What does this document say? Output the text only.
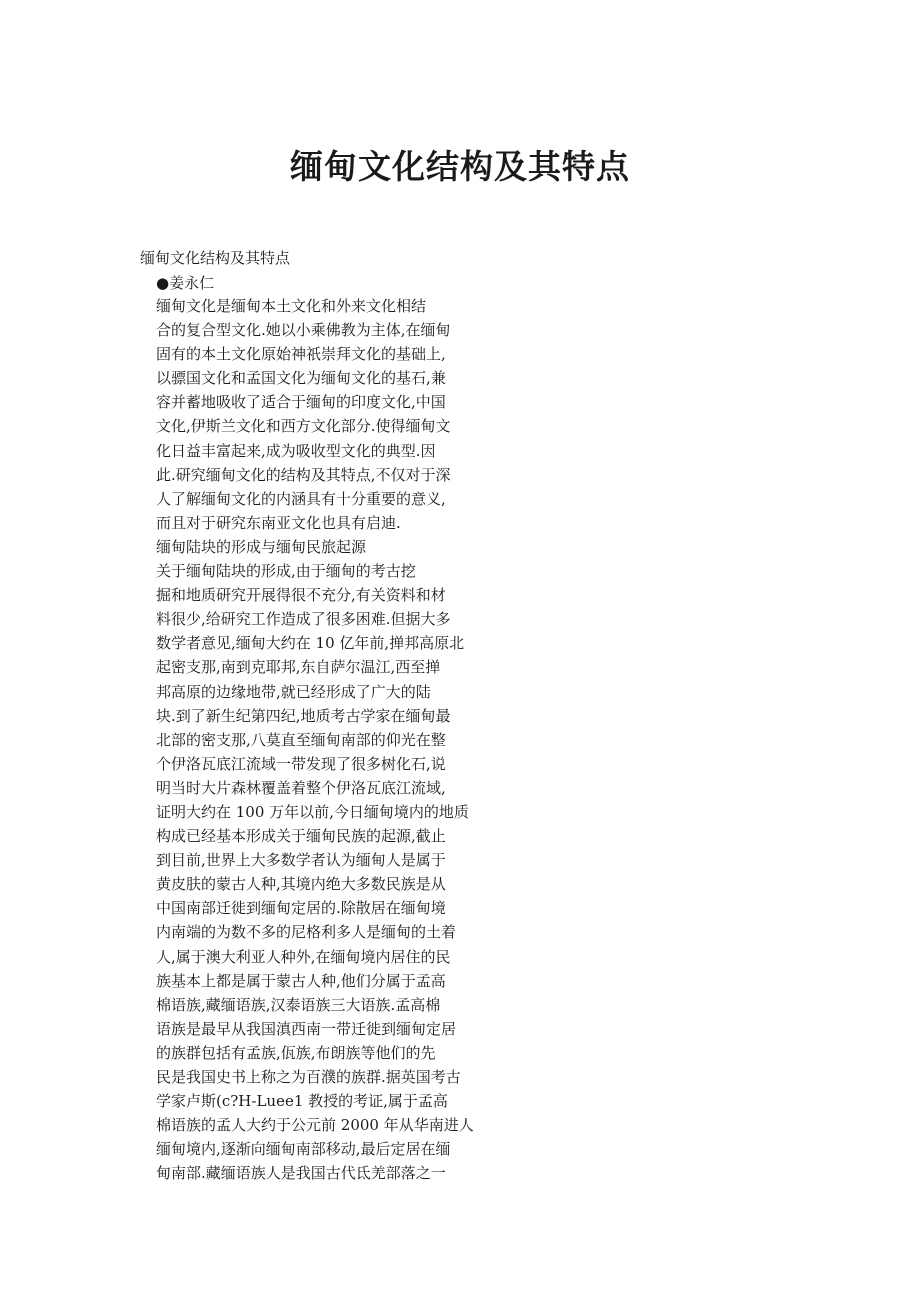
缅甸文化结构及其特点

缅甸文化结构及其特点

●姜永仁

缅甸文化是缅甸本土文化和外来文化相结
合的复合型文化.她以小乘佛教为主体,在缅甸
固有的本土文化原始神祇崇拜文化的基础上,
以骠国文化和孟国文化为缅甸文化的基石,兼
容并蓄地吸收了适合于缅甸的印度文化,中国
文化,伊斯兰文化和西方文化部分.使得缅甸文
化日益丰富起来,成为吸收型文化的典型.因
此.研究缅甸文化的结构及其特点,不仅对于深
人了解缅甸文化的内涵具有十分重要的意义,
而且对于研究东南亚文化也具有启迪.
缅甸陆块的形成与缅甸民旅起源
关于缅甸陆块的形成,由于缅甸的考古挖
掘和地质研究开展得很不充分,有关资料和材
料很少,给研究工作造成了很多困难.但据大多
数学者意见,缅甸大约在 10 亿年前,掸邦高原北
起密支那,南到克耶邦,东自萨尔温江,西至掸
邦高原的边缘地带,就已经形成了广大的陆
块.到了新生纪第四纪,地质考古学家在缅甸最
北部的密支那,八莫直至缅甸南部的仰光在整
个伊洛瓦底江流域一带发现了很多树化石,说
明当时大片森林覆盖着整个伊洛瓦底江流域,
证明大约在 100 万年以前,今日缅甸境内的地质
构成已经基本形成关于缅甸民族的起源,截止
到目前,世界上大多数学者认为缅甸人是属于
黄皮肤的蒙古人种,其境内绝大多数民族是从
中国南部迁徙到缅甸定居的.除散居在缅甸境
内南端的为数不多的尼格利多人是缅甸的土着
人,属于澳大利亚人种外,在缅甸境内居住的民
族基本上都是属于蒙古人种,他们分属于孟高
棉语族,藏缅语族,汉泰语族三大语族.孟高棉
语族是最早从我国滇西南一带迁徙到缅甸定居
的族群包括有孟族,佤族,布朗族等他们的先
民是我国史书上称之为百濮的族群.据英国考古
学家卢斯(c?H-Luee1 教授的考证,属于孟高
棉语族的孟人大约于公元前 2000 年从华南进人
缅甸境内,逐渐向缅甸南部移动,最后定居在缅
甸南部.藏缅语族人是我国古代氐羌部落之一
